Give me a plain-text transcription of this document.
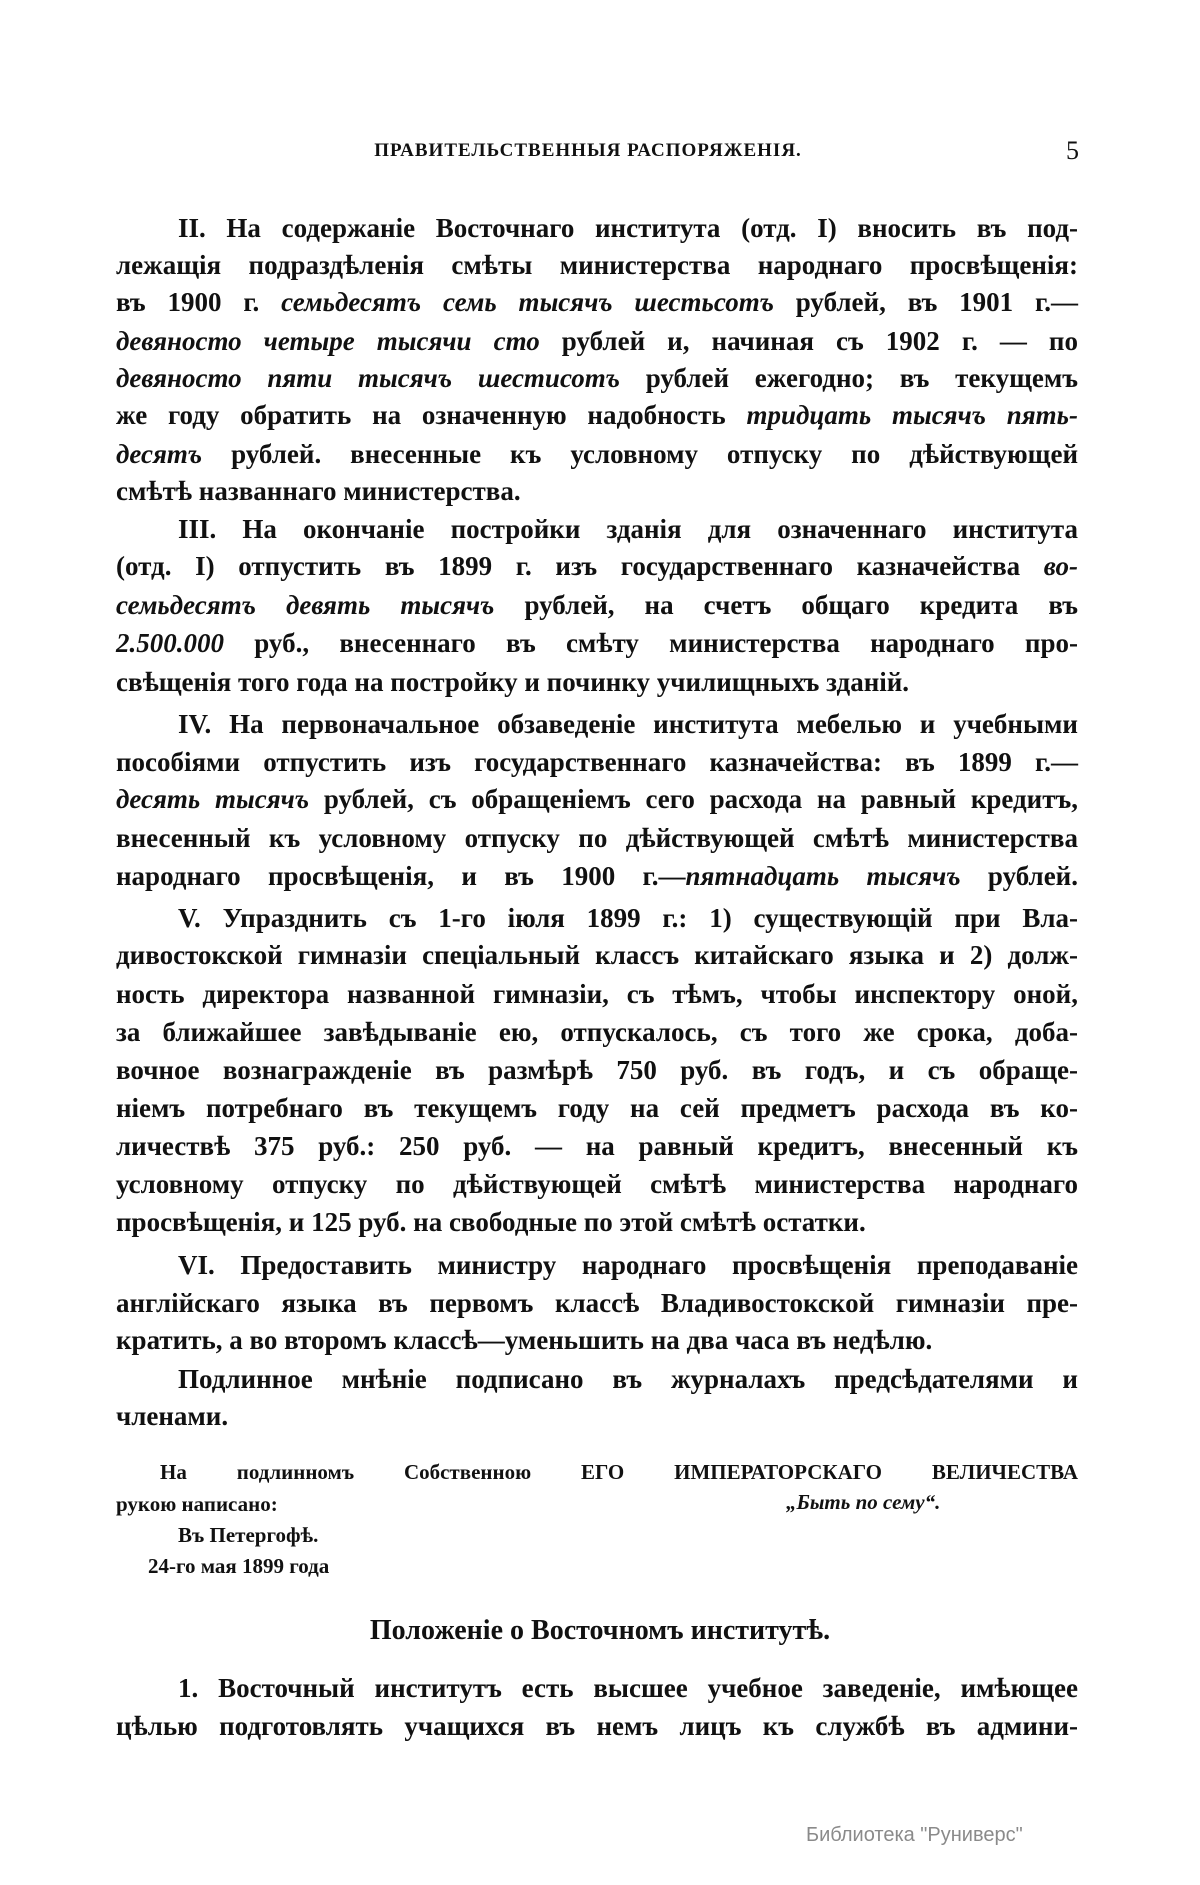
ПРАВИТЕЛЬСТВЕННЫЯ РАСПОРЯЖЕНІЯ.	5
II. На содержаніе Восточнаго института (отд. I) вносить въ под-
лежащія подраздѣленія смѣты министерства народнаго просвѣщенія:
въ 1900 г. семьдесятъ семь тысячъ шестьсотъ рублей, въ 1901 г.—
девяносто четыре тысячи сто рублей и, начиная съ 1902 г. — по
девяносто пяти тысячъ шестисотъ рублей ежегодно; въ текущемъ
же году обратить на означенную надобность тридцать тысячъ пять-
десятъ рублей. внесенные къ условному отпуску по дѣйствующей
смѣтѣ названнаго министерства.
III. На окончаніе постройки зданія для означеннаго института
(отд. I) отпустить въ 1899 г. изъ государственнаго казначейства во-
семьдесятъ девять тысячъ рублей, на счетъ общаго кредита въ
2.500.000 руб., внесеннаго въ смѣту министерства народнаго про-
свѣщенія того года на постройку и починку училищныхъ зданій.
IV. На первоначальное обзаведеніе института мебелью и учебными
пособіями отпустить изъ государственнаго казначейства: въ 1899 г.—
десять тысячъ рублей, съ обращеніемъ сего расхода на равный кредитъ,
внесенный къ условному отпуску по дѣйствующей смѣтѣ министерства
народнаго просвѣщенія, и въ 1900 г.—пятнадцать тысячъ рублей.
V. Упразднить съ 1-го іюля 1899 г.: 1) существующій при Вла-
дивостокской гимназіи спеціальный классъ китайскаго языка и 2) долж-
ность директора названной гимназіи, съ тѣмъ, чтобы инспектору оной,
за ближайшее завѣдываніе ею, отпускалось, съ того же срока, доба-
вочное вознагражденіе въ размѣрѣ 750 руб. въ годъ, и съ обраще-
ніемъ потребнаго въ текущемъ году на сей предметъ расхода въ ко-
личествѣ 375 руб.: 250 руб. — на равный кредитъ, внесенный къ
условному отпуску по дѣйствующей смѣтѣ министерства народнаго
просвѣщенія, и 125 руб. на свободные по этой смѣтѣ остатки.
VI. Предоставить министру народнаго просвѣщенія преподаваніе
англійскаго языка въ первомъ классѣ Владивостокской гимназіи пре-
кратить, а во второмъ классѣ—уменьшить на два часа въ недѣлю.
Подлинное мнѣніе подписано въ журналахъ предсѣдателями и
членами.
На подлинномъ Собственною ЕГО ИМПЕРАТОРСКАГО ВЕЛИЧЕСТВА
рукою написано:	„Быть по сему“.
Въ Петергофѣ.
24-го мая 1899 года
Положеніе о Восточномъ институтѣ.
1. Восточный институтъ есть высшее учебное заведеніе, имѣющее
цѣлью подготовлять учащихся въ немъ лицъ къ службѣ въ админи-
Библиотека "Руниверс"
